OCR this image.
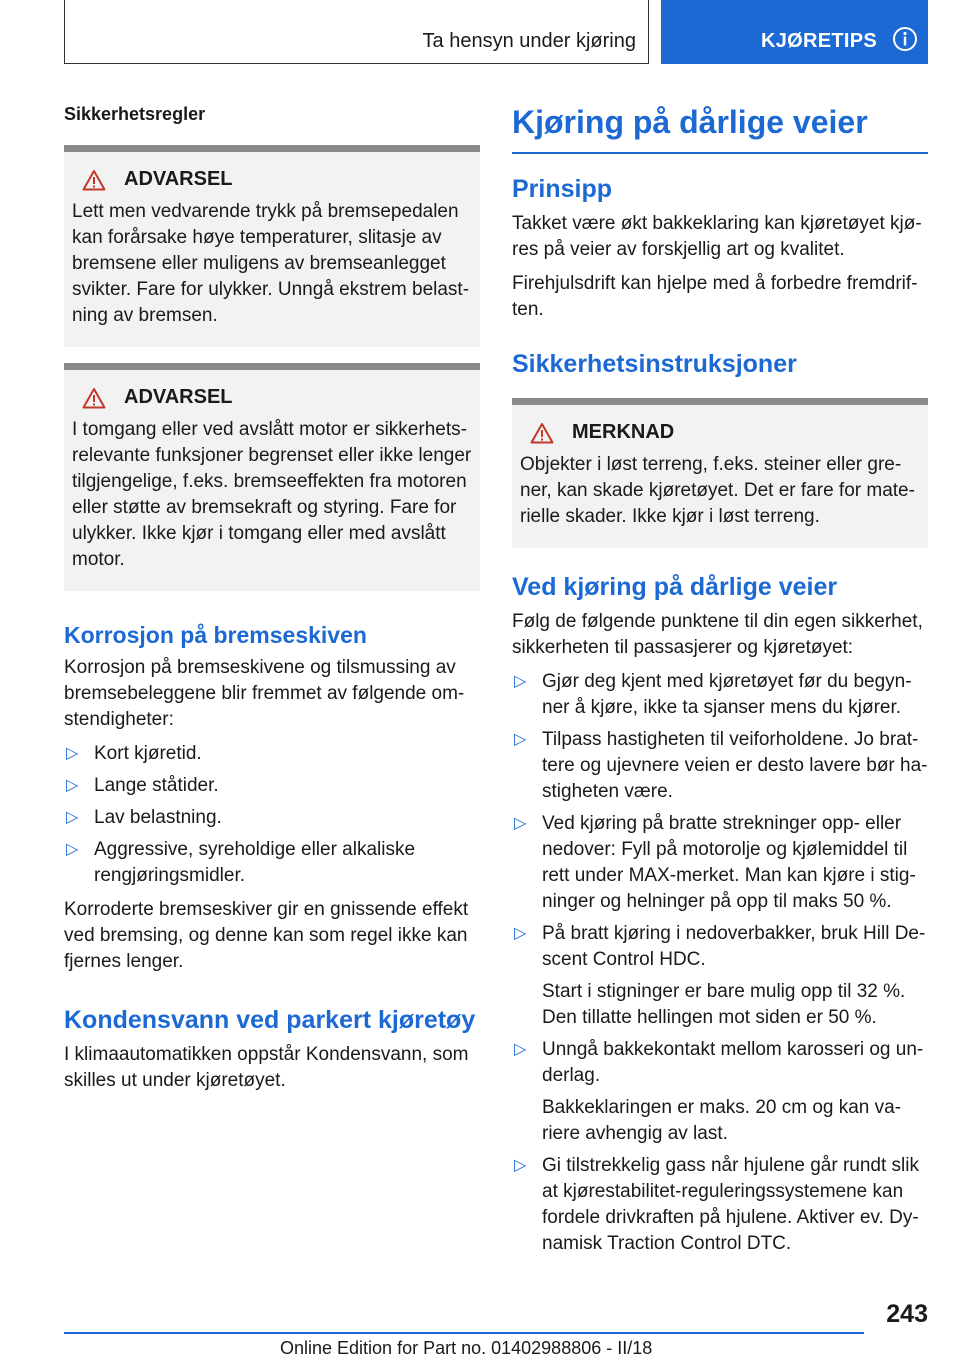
Ta hensyn under kjøring	KJØRETIPS
Sikkerhetsregler
ADVARSEL

Lett men vedvarende trykk på bremsepedalen kan forårsake høye temperaturer, slitasje av bremsene eller muligens av bremseanlegget svikter. Fare for ulykker. Unngå ekstrem belastning av bremsen.

ADVARSEL

I tomgang eller ved avslått motor er sikkerhetsrelevante funksjoner begrenset eller ikke lenger tilgjengelige, f.eks. bremseeffekten fra motoren eller støtte av bremsekraft og styring. Fare for ulykker. Ikke kjør i tomgang eller med avslått motor.

Korrosjon på bremseskiven

Korrosjon på bremseskivene og tilsmussing av bremsebeleggene blir fremmet av følgende omstendigheter:

▷ Kort kjøretid.
▷ Lange ståtider.
▷ Lav belastning.
▷ Aggressive, syreholdige eller alkaliske rengjøringsmidler.

Korroderte bremseskiver gir en gnissende effekt ved bremsing, og denne kan som regel ikke kan fjernes lenger.

Kondensvann ved parkert kjøretøy

I klimaautomatikken oppstår Kondensvann, som skilles ut under kjøretøyet.

Kjøring på dårlige veier
Prinsipp

Takket være økt bakkeklaring kan kjøretøyet kjøres på veier av forskjellig art og kvalitet.

Firehjulsdrift kan hjelpe med å forbedre fremdriften.

Sikkerhetsinstruksjoner
MERKNAD

Objekter i løst terreng, f.eks. steiner eller grener, kan skade kjøretøyet. Det er fare for materielle skader. Ikke kjør i løst terreng.

Ved kjøring på dårlige veier

Følg de følgende punktene til din egen sikkerhet, sikkerheten til passasjerer og kjøretøyet:

▷ Gjør deg kjent med kjøretøyet før du begynner å kjøre, ikke ta sjanser mens du kjører.

▷ Tilpass hastigheten til veiforholdene. Jo brattere og ujevnere veien er desto lavere bør hastigheten være.

▷ Ved kjøring på bratte strekninger opp- eller nedover: Fyll på motorolje og kjølemiddel til rett under MAX-merket. Man kan kjøre i stigninger og helninger på opp til maks 50 %.

▷ På bratt kjøring i nedoverbakker, bruk Hill Descent Control HDC.

Start i stigninger er bare mulig opp til 32 %. Den tillatte hellingen mot siden er 50 %.

▷ Unngå bakkekontakt mellom karosseri og underlag.

Bakkeklaringen er maks. 20 cm og kan variere avhengig av last.

▷ Gi tilstrekkelig gass når hjulene går rundt slik at kjørestabilitet-reguleringssystemene kan fordele drivkraften på hjulene. Aktiver ev. Dynamisk Traction Control DTC.

243
Online Edition for Part no. 01402988806 - II/18
